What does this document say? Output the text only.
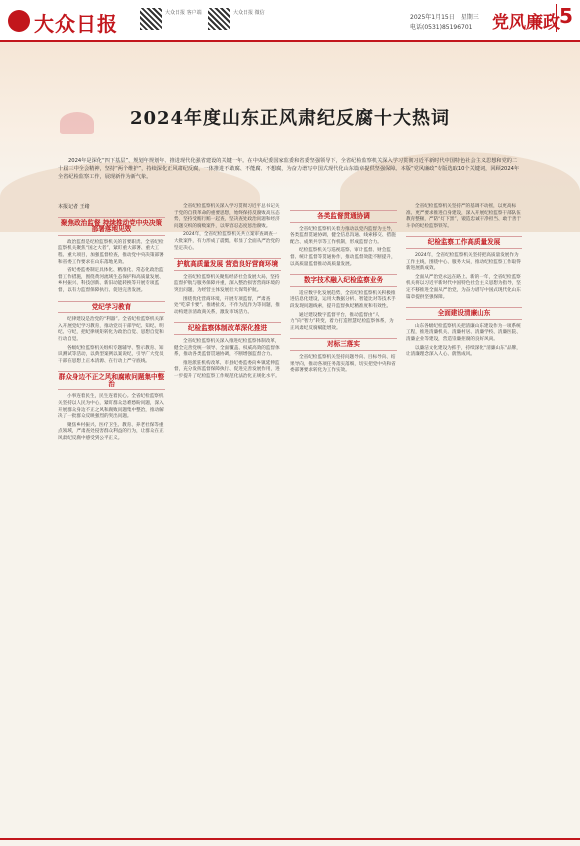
大众日报	大众日报 客户端	大众日报 微信
2025年1月15日　星期三
电话(0531)85196701 党风廉政 5
2024年度山东正风肃纪反腐十大热词
2024年是深化“四下基层”、规划年规划年、推进现代化强省建设的关键一年。在中央纪委国家监委和省委坚强领导下，全省纪检监察机关深入学习贯彻习近平新时代中国特色社会主义思想和党的二十届三中全会精神，坚持“两个维护”，持续深化正风肃纪反腐，一体推进不敢腐、不能腐、不想腐，为奋力谱写中国式现代化山东篇章提供坚强保障。本版“党风廉政”专版选取10个关键词，回顾2024年全省纪检监察工作，展现新作为新气象。
本报记者 王绪
聚焦政治监督 持续推动党中央决策部署落地见效

政治监督是纪检监察机关的首要职责。全省纪检监察机关聚焦“国之大者”，紧盯重大部署、重大工程、重大项目，加强监督检查，推动党中央决策部署和省委工作要求在山东落地见效。

省纪委监委制定具体化、精准化、常态化政治监督工作措施，围绕黄河流域生态保护和高质量发展、乡村振兴、科技创新、新旧动能转换等开展专项监督，以有力监督保障执行、促进完善发展。

党纪学习教育

纪律建设是治党的“利器”。全省纪检监察机关深入开展党纪学习教育，推动党员干部学纪、知纪、明纪、守纪，把纪律规矩转化为政治自觉、思想自觉和行动自觉。

各级纪检监察机关组织专题辅导、警示教育、知识测试等活动，以典型案例以案说纪，引导广大党员干部在思想上正本清源、在行动上严守底线。

群众身边不正之风和腐败问题集中整治

小事连着民生，民生连着民心。全省纪检监察机关坚持以人民为中心，紧盯群众急难愁盼问题，深入开展群众身边不正之风和腐败问题集中整治，推动解决了一批群众反映强烈的突出问题。

聚焦乡村振兴、医疗卫生、教育、养老社保等重点领域，严肃查处侵害群众利益的行为，让群众在正风肃纪反腐中感受到公平正义。

全省纪检监察机关深入学习贯彻习近平总书记关于党的自我革命的重要思想，始终保持反腐败高压态势，坚持受贿行贿一起查，坚决查处政治问题和经济问题交织的腐败案件，以零容忍态度惩治腐败。

2024年，全省纪检监察机关共立案审查调查一大批案件，有力形成了震慑，彰显了全面从严治党的坚定决心。

护航高质量发展 营造良好营商环境

全省纪检监察机关聚焦经济社会发展大局，坚持监督护航与服务保障并重，深入整治损害营商环境的突出问题，为经营主体发展壮大保驾护航。

围绕优化营商环境，开展专项监督，严肃查处“吃拿卡要”、推诿扯皮、不作为乱作为等问题，推动构建亲清政商关系，激发市场活力。

纪检监察体制改革深化推进

全省纪检监察机关深入推进纪检监察体制改革，健全完善党统一领导、全面覆盖、权威高效的监督体系，推动各类监督贯通协调，不断增强监督合力。

推进派驻机构改革、市县纪委监委向乡镇延伸监督，充分发挥监督保障执行、促进完善发展作用，进一步提升了纪检监察工作规范化法治化正规化水平。

各类监督贯通协调

全省纪检监察机关着力推动以党内监督为主导，各类监督贯通协调，健全信息沟通、线索移交、措施配合、成果共享等工作机制，形成监督合力。

纪检监察机关与巡视巡察、审计监督、财会监督、统计监督等贯通协作，推动监督效能不断提升，以高质量监督推动高质量发展。

数字技术融入纪检监察业务

适应数字化发展趋势，全省纪检监察机关积极推进信息化建设，运用大数据分析、智能比对等技术手段发现问题线索，提升监督执纪精准度和有效性。

通过建设数字监督平台，推动监督由“人力”向“智力”转变，着力打造智慧纪检监察体系，为正风肃纪反腐赋能增效。

对标三落实

全省纪检监察机关坚持问题导向、目标导向、结果导向，推动各项任务落实落细，切实把党中央和省委部署要求转化为工作实效。

全省纪检监察机关坚持严的基调不动摇，以更高标准、更严要求推进自身建设，深入开展纪检监察干部队伍教育整顿，严防“灯下黑”，锻造忠诚干净担当、敢于善于斗争的纪检监察铁军。

纪检监察工作高质量发展

2024年，全省纪检监察机关坚持把高质量发展作为工作主线，围绕中心、服务大局，推动纪检监察工作取得新进展新成效。

全面从严治党永远在路上。新的一年，全省纪检监察机关将以习近平新时代中国特色社会主义思想为指导，坚定不移推进全面从严治党，为奋力谱写中国式现代化山东篇章提供坚强保障。

全面建设清廉山东

山东各级纪检监察机关把清廉山东建设作为一项系统工程，推进清廉机关、清廉村居、清廉学校、清廉医院、清廉企业等建设，营造崇廉拒腐的良好风尚。

以廉洁文化建设为抓手，持续深化“清廉山东”品牌，让清廉理念深入人心、蔚然成风。
